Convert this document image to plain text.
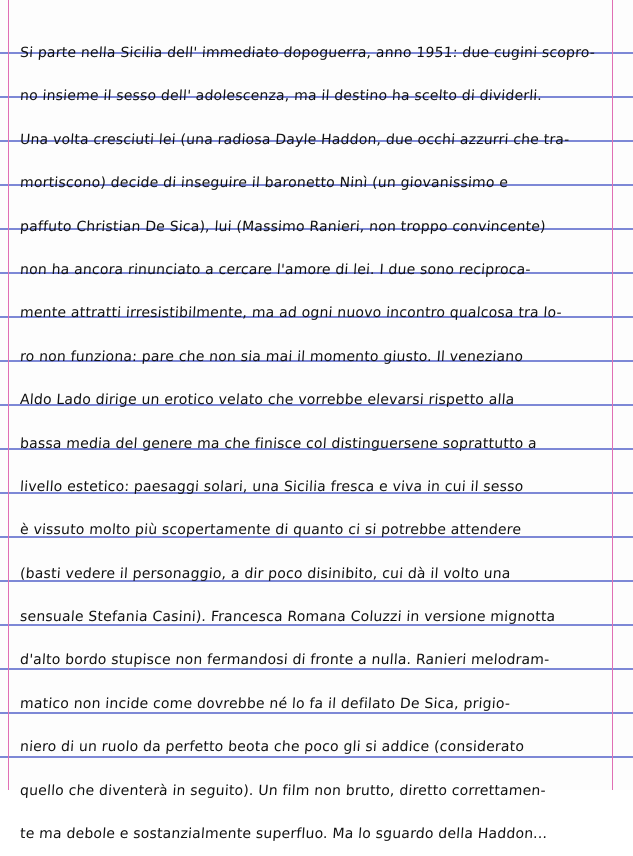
Si parte nella Sicilia dell' immediato dopoguerra, anno 1951: due cugini scopro-
no insieme il sesso dell' adolescenza, ma il destino ha scelto di dividerli.
Una volta cresciuti lei (una radiosa Dayle Haddon, due occhi azzurri che tra-
mortiscono) decide di inseguire il baronetto Ninì (un giovanissimo e
paffuto Christian De Sica), lui (Massimo Ranieri, non troppo convincente)
non ha ancora rinunciato a cercare l'amore di lei. I due sono reciproca-
mente attratti irresistibilmente, ma ad ogni nuovo incontro qualcosa tra lo-
ro non funziona: pare che non sia mai il momento giusto. Il veneziano
Aldo Lado dirige un erotico velato che vorrebbe elevarsi rispetto alla
bassa media del genere ma che finisce col distinguersene soprattutto a
livello estetico: paesaggi solari, una Sicilia fresca e viva in cui il sesso
è vissuto molto più scopertamente di quanto ci si potrebbe attendere
(basti vedere il personaggio, a dir poco disinibito, cui dà il volto una
sensuale Stefania Casini). Francesca Romana Coluzzi in versione mignotta
d'alto bordo stupisce non fermandosi di fronte a nulla. Ranieri melodram-
matico non incide come dovrebbe né lo fa il defilato De Sica, prigio-
niero di un ruolo da perfetto beota che poco gli si addice (considerato
quello che diventerà in seguito). Un film non brutto, diretto correttamen-
te ma debole e sostanzialmente superfluo. Ma lo sguardo della Haddon...
